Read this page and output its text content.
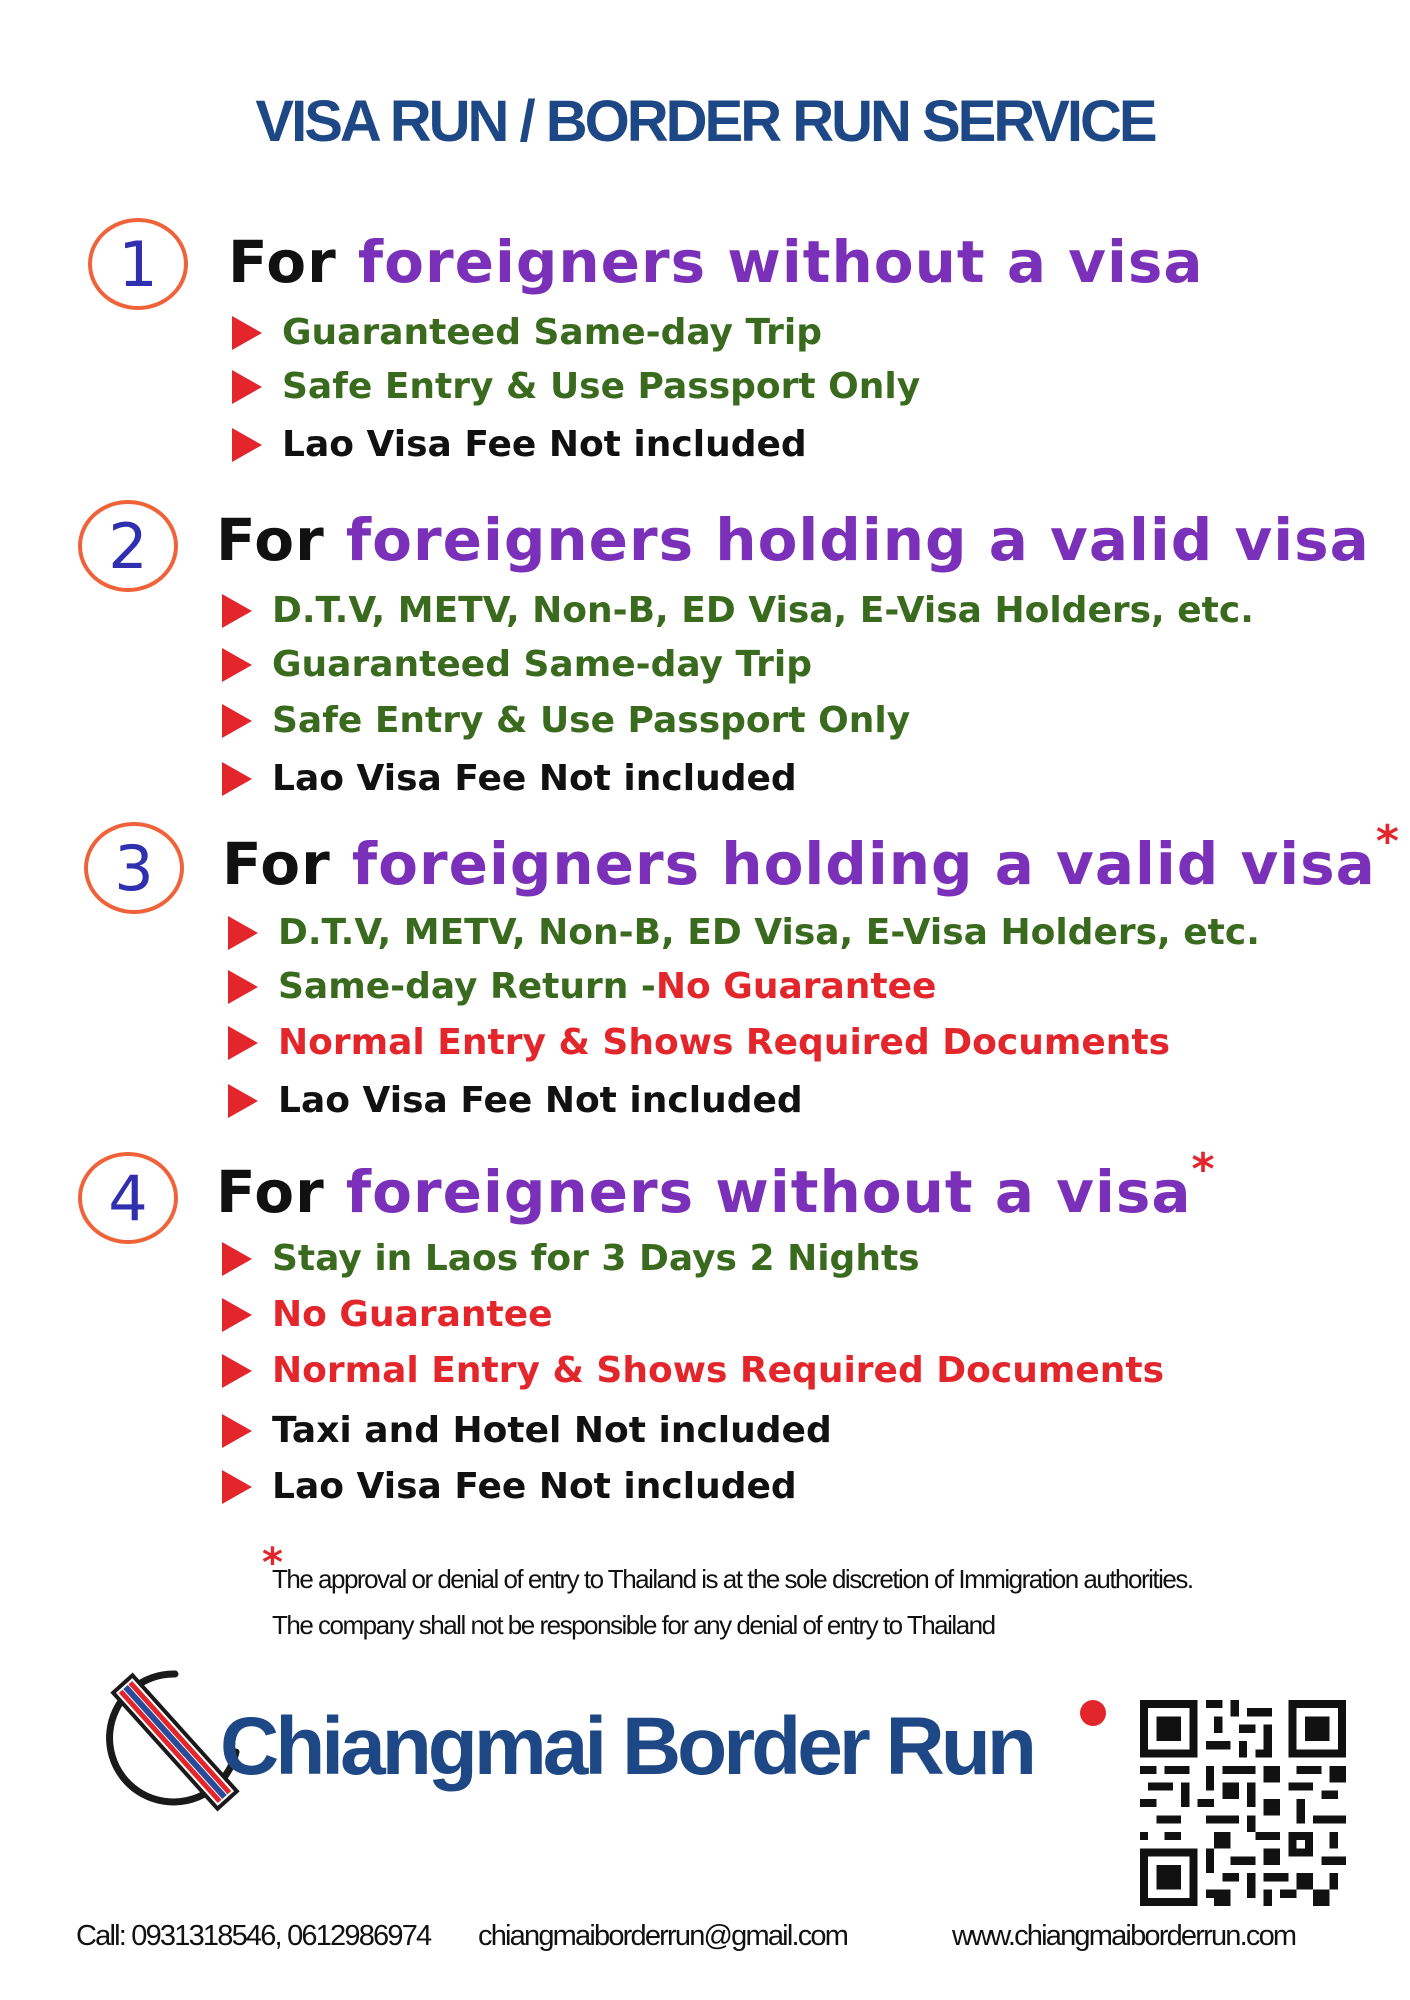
VISA RUN / BORDER RUN SERVICE
1	For foreigners without a visa
Guaranteed Same-day Trip
Safe Entry & Use Passport Only
Lao Visa Fee Not included
2	For foreigners holding a valid visa
D.T.V, METV, Non-B, ED Visa, E-Visa Holders, etc.
Guaranteed Same-day Trip
Safe Entry & Use Passport Only
Lao Visa Fee Not included
3	For foreigners holding a valid visa*
D.T.V, METV, Non-B, ED Visa, E-Visa Holders, etc.
Same-day Return - No Guarantee
Normal Entry & Shows Required Documents
Lao Visa Fee Not included
4	For foreigners without a visa*
Stay in Laos for 3 Days 2 Nights
No Guarantee
Normal Entry & Shows Required Documents
Taxi and Hotel Not included
Lao Visa Fee Not included
*
The approval or denial of entry to Thailand is at the sole discretion of Immigration authorities.
The company shall not be responsible for any denial of entry to Thailand
Chiangmai Border Run
Call: 0931318546, 0612986974 chiangmaiborderrun@gmail.com	www.chiangmaiborderrun.com
